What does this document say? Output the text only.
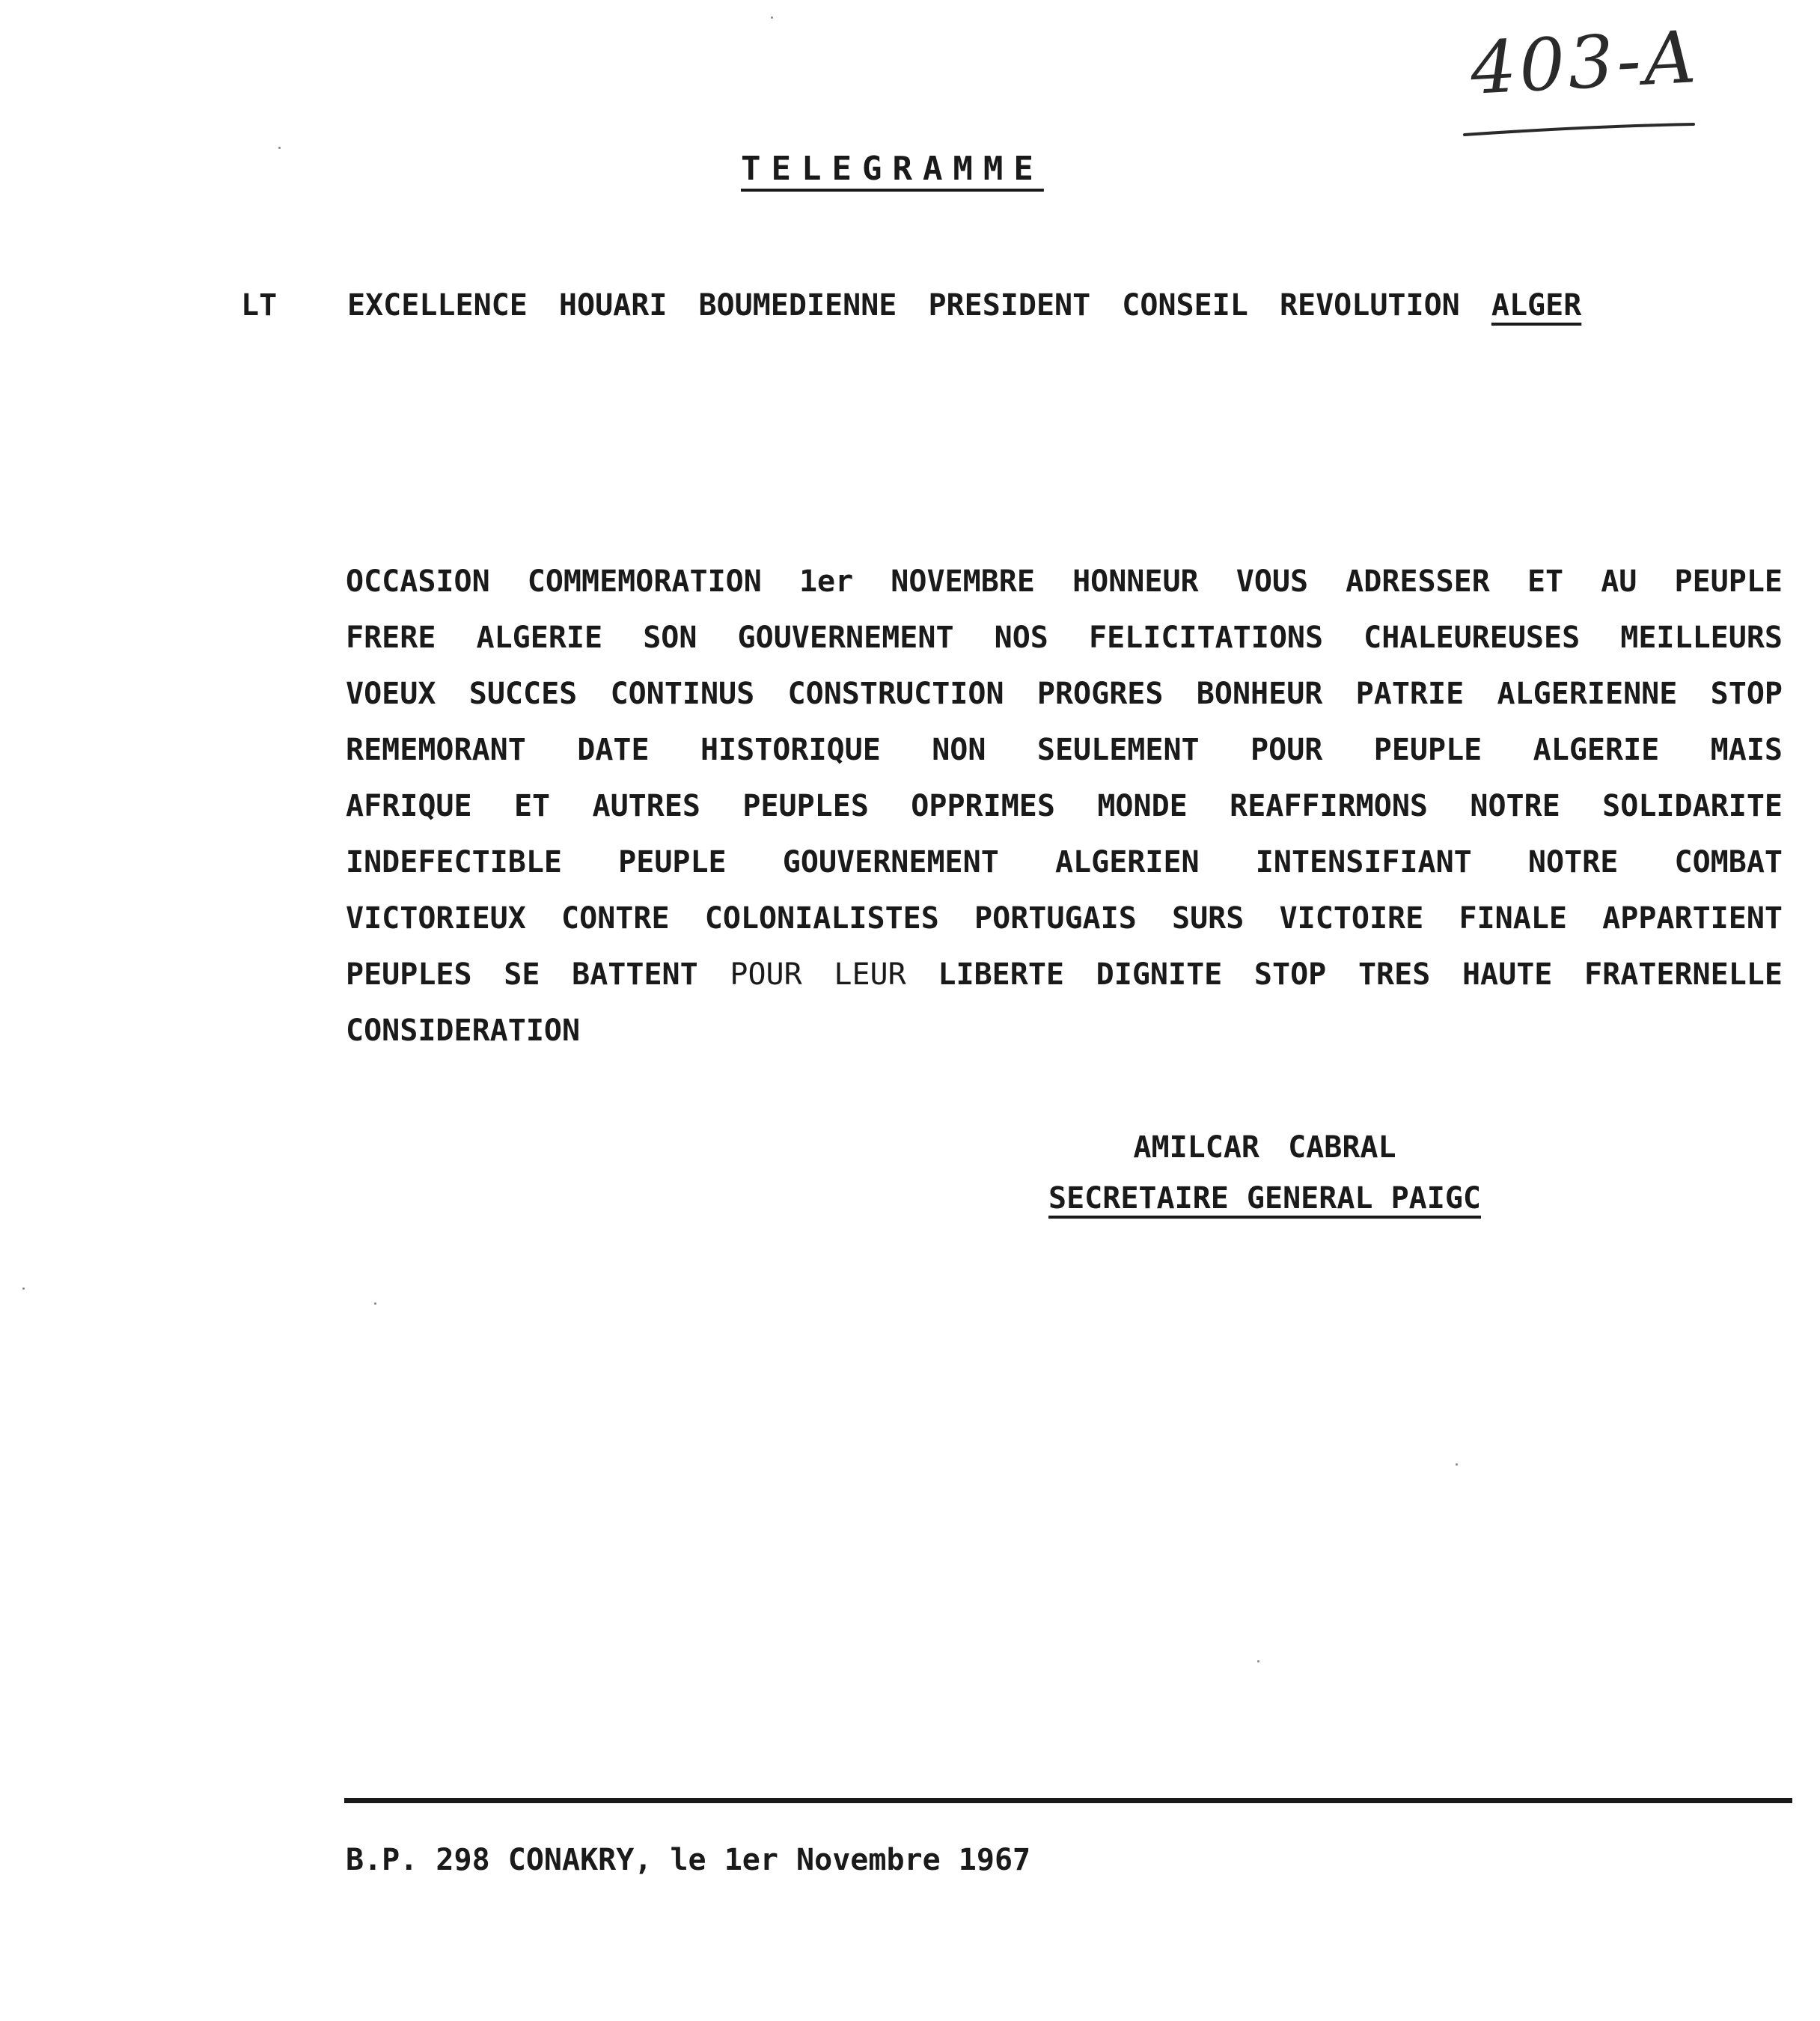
403-A
TELEGRAMME
LT EXCELLENCE HOUARI BOUMEDIENNE PRESIDENT CONSEIL REVOLUTION ALGER
OCCASION COMMEMORATION 1er NOVEMBRE HONNEUR VOUS ADRESSER ET AU PEUPLE
FRERE ALGERIE SON GOUVERNEMENT NOS FELICITATIONS CHALEUREUSES MEILLEURS
VOEUX SUCCES CONTINUS CONSTRUCTION PROGRES BONHEUR PATRIE ALGERIENNE STOP
REMEMORANT DATE HISTORIQUE NON SEULEMENT POUR PEUPLE ALGERIE MAIS
AFRIQUE ET AUTRES PEUPLES OPPRIMES MONDE REAFFIRMONS NOTRE SOLIDARITE
INDEFECTIBLE PEUPLE GOUVERNEMENT ALGERIEN INTENSIFIANT NOTRE COMBAT
VICTORIEUX CONTRE COLONIALISTES PORTUGAIS SURS VICTOIRE FINALE APPARTIENT
PEUPLES SE BATTENT POUR LEUR LIBERTE DIGNITE STOP TRES HAUTE FRATERNELLE
CONSIDERATION
AMILCAR CABRAL
SECRETAIRE GENERAL PAIGC
B.P. 298 CONAKRY, le 1er Novembre 1967
